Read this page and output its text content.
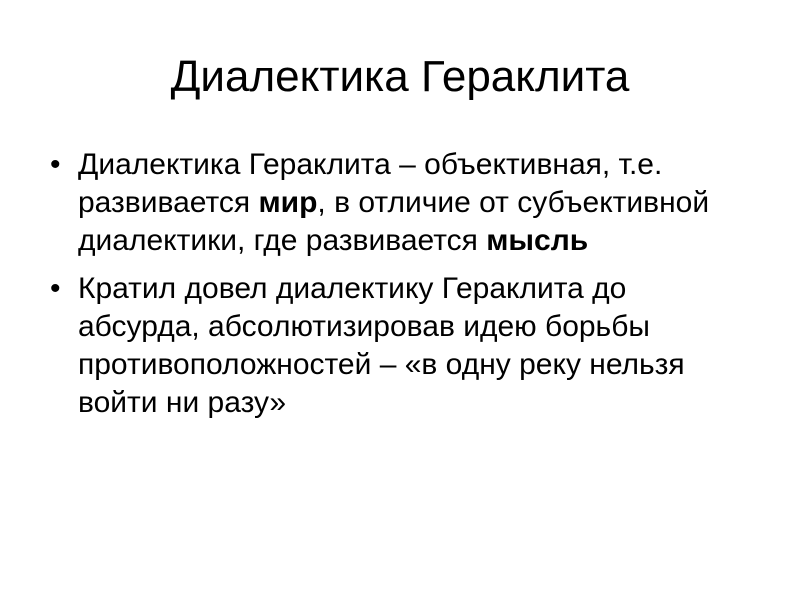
Диалектика Гераклита
• Диалектика Гераклита – объективная, т.е. развивается мир, в отличие от субъективной диалектики, где развивается мысль
• Кратил довел диалектику Гераклита до абсурда, абсолютизировав идею борьбы противоположностей – «в одну реку нельзя войти ни разу»
